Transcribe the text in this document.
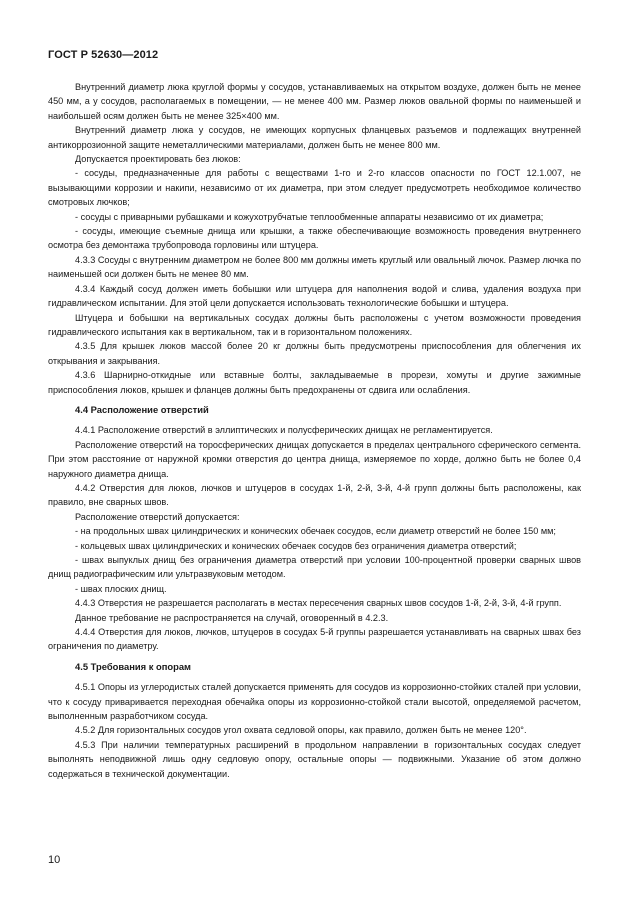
ГОСТ Р 52630—2012

Внутренний диаметр люка круглой формы у сосудов, устанавливаемых на открытом воздухе, должен быть не менее 450 мм, а у сосудов, располагаемых в помещении, — не менее 400 мм. Размер люков овальной формы по наименьшей и наибольшей осям должен быть не менее 325×400 мм.

Внутренний диаметр люка у сосудов, не имеющих корпусных фланцевых разъемов и подлежащих внутренней антикоррозионной защите неметаллическими материалами, должен быть не менее 800 мм.

Допускается проектировать без люков:

- сосуды, предназначенные для работы с веществами 1-го и 2-го классов опасности по ГОСТ 12.1.007, не вызывающими коррозии и накипи, независимо от их диаметра, при этом следует предусмотреть необходимое количество смотровых лючков;

- сосуды с приварными рубашками и кожухотрубчатые теплообменные аппараты независимо от их диаметра;

- сосуды, имеющие съемные днища или крышки, а также обеспечивающие возможность проведения внутреннего осмотра без демонтажа трубопровода горловины или штуцера.

4.3.3 Сосуды с внутренним диаметром не более 800 мм должны иметь круглый или овальный лючок. Размер лючка по наименьшей оси должен быть не менее 80 мм.

4.3.4 Каждый сосуд должен иметь бобышки или штуцера для наполнения водой и слива, удаления воздуха при гидравлическом испытании. Для этой цели допускается использовать технологические бобышки и штуцера.

Штуцера и бобышки на вертикальных сосудах должны быть расположены с учетом возможности проведения гидравлического испытания как в вертикальном, так и в горизонтальном положениях.

4.3.5 Для крышек люков массой более 20 кг должны быть предусмотрены приспособления для облегчения их открывания и закрывания.

4.3.6 Шарнирно-откидные или вставные болты, закладываемые в прорези, хомуты и другие зажимные приспособления люков, крышек и фланцев должны быть предохранены от сдвига или ослабления.

4.4 Расположение отверстий

4.4.1 Расположение отверстий в эллиптических и полусферических днищах не регламентируется.

Расположение отверстий на торосферических днищах допускается в пределах центрального сферического сегмента. При этом расстояние от наружной кромки отверстия до центра днища, измеряемое по хорде, должно быть не более 0,4 наружного диаметра днища.

4.4.2 Отверстия для люков, лючков и штуцеров в сосудах 1-й, 2-й, 3-й, 4-й групп должны быть расположены, как правило, вне сварных швов.

Расположение отверстий допускается:

- на продольных швах цилиндрических и конических обечаек сосудов, если диаметр отверстий не более 150 мм;

- кольцевых швах цилиндрических и конических обечаек сосудов без ограничения диаметра отверстий;

- швах выпуклых днищ без ограничения диаметра отверстий при условии 100-процентной проверки сварных швов днищ радиографическим или ультразвуковым методом.

- швах плоских днищ.

4.4.3 Отверстия не разрешается располагать в местах пересечения сварных швов сосудов 1-й, 2-й, 3-й, 4-й групп.

Данное требование не распространяется на случай, оговоренный в 4.2.3.

4.4.4 Отверстия для люков, лючков, штуцеров в сосудах 5-й группы разрешается устанавливать на сварных швах без ограничения по диаметру.

4.5 Требования к опорам

4.5.1 Опоры из углеродистых сталей допускается применять для сосудов из коррозионно-стойких сталей при условии, что к сосуду приваривается переходная обечайка опоры из коррозионно-стойкой стали высотой, определяемой расчетом, выполненным разработчиком сосуда.

4.5.2 Для горизонтальных сосудов угол охвата седловой опоры, как правило, должен быть не менее 120°.

4.5.3 При наличии температурных расширений в продольном направлении в горизонтальных сосудах следует выполнять неподвижной лишь одну седловую опору, остальные опоры — подвижными. Указание об этом должно содержаться в технической документации.

10
